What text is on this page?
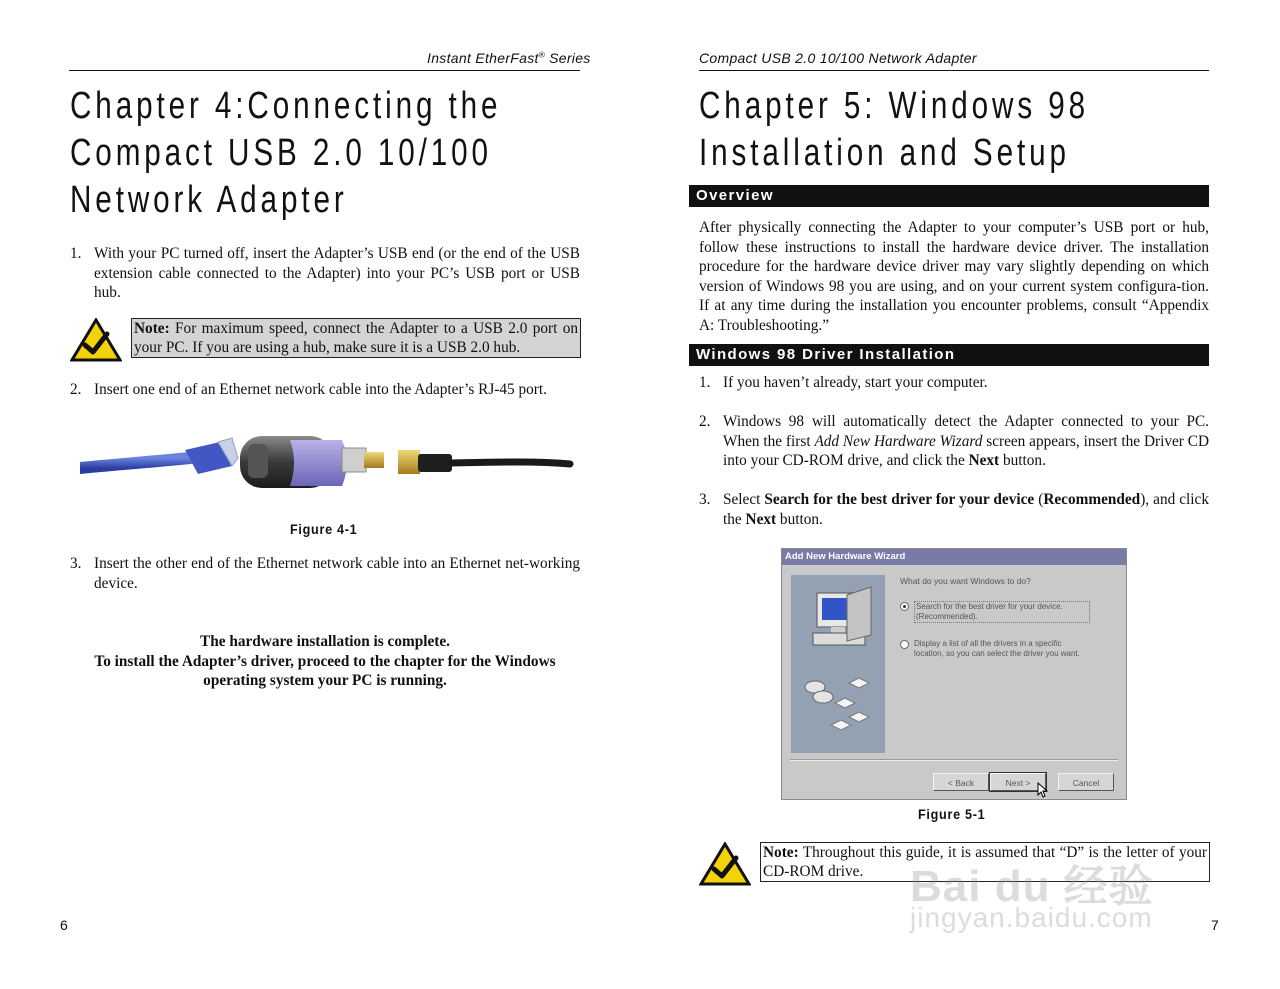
Instant EtherFast® Series
Chapter 4:Connecting the
Compact USB 2.0 10/100
Network Adapter
1. With your PC turned off, insert the Adapter’s USB end (or the end of the USB extension cable connected to the Adapter) into your PC’s USB port or USB hub.
Note: For maximum speed, connect the Adapter to a USB 2.0 port on your PC. If you are using a hub, make sure it is a USB 2.0 hub.
2. Insert one end of an Ethernet network cable into the Adapter’s RJ-45 port.
Figure 4-1
3. Insert the other end of the Ethernet network cable into an Ethernet net-working device.
The hardware installation is complete.
To install the Adapter’s driver, proceed to the chapter for the Windows
operating system your PC is running.
6
Compact USB 2.0 10/100 Network Adapter
Chapter 5: Windows 98
Installation and Setup
Overview
After physically connecting the Adapter to your computer’s USB port or hub, follow these instructions to install the hardware device driver. The installation procedure for the hardware device driver may vary slightly depending on which version of Windows 98 you are using, and on your current system configura-tion. If at any time during the installation you encounter problems, consult “Appendix A: Troubleshooting.”
Windows 98 Driver Installation
1. If you haven’t already, start your computer.
2. Windows 98 will automatically detect the Adapter connected to your PC. When the first Add New Hardware Wizard screen appears, insert the Driver CD into your CD-ROM drive, and click the Next button.
3. Select Search for the best driver for your device (Recommended), and click the Next button.
Add New Hardware Wizard
What do you want Windows to do?
Search for the best driver for your device. (Recommended).
Display a list of all the drivers in a specific location, so you can select the driver you want.
< Back	Next >	Cancel
Figure 5-1
Note: Throughout this guide, it is assumed that “D” is the letter of your CD-ROM drive.	Bai du 经验
jingyan.baidu.com	7
